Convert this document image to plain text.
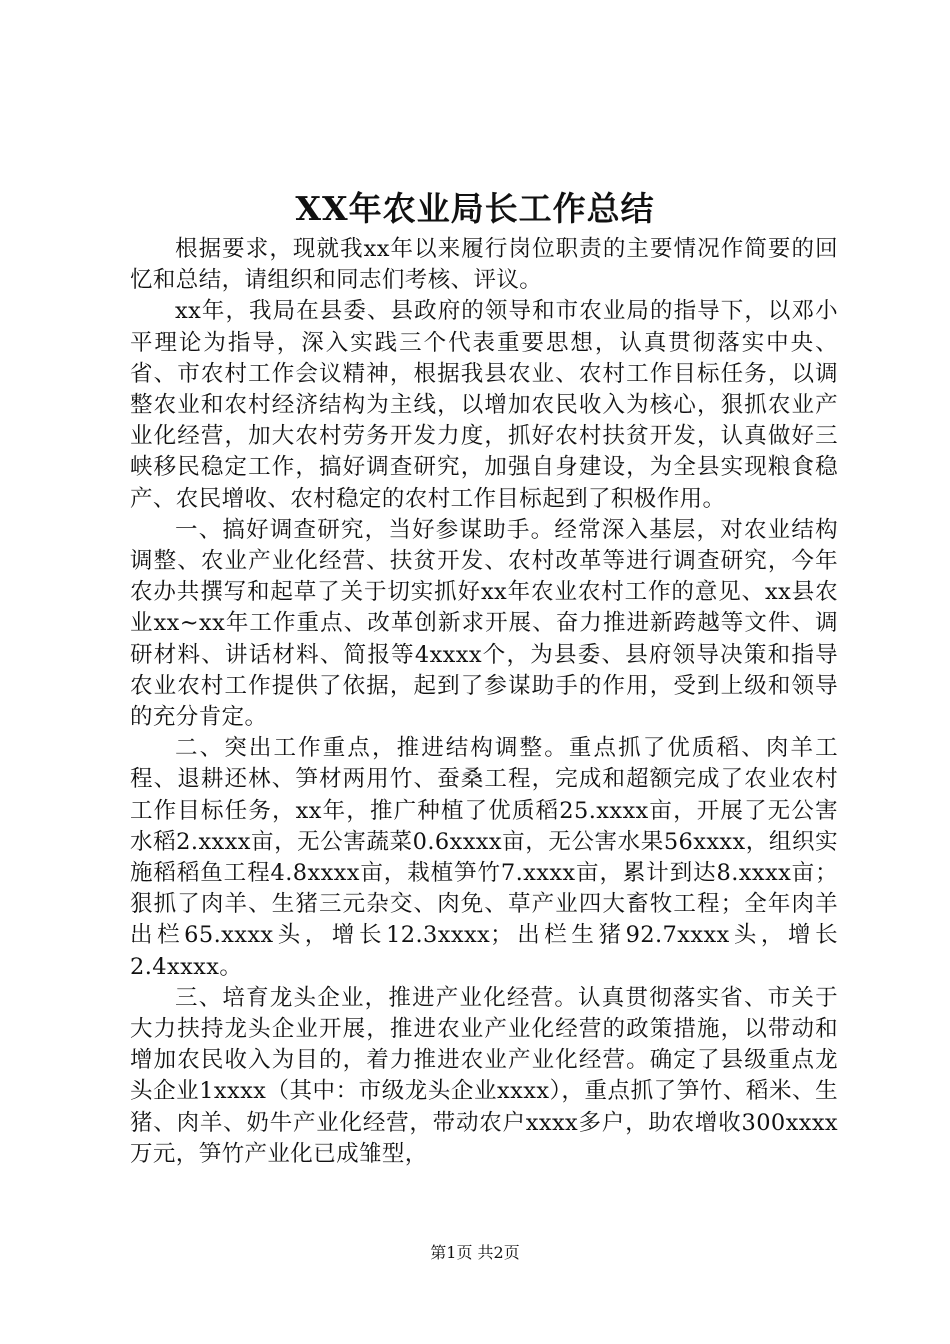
XX年农业局长工作总结

根据要求，现就我xx年以来履行岗位职责的主要情况作简要的回忆和总结，请组织和同志们考核、评议。

xx年，我局在县委、县政府的领导和市农业局的指导下，以邓小平理论为指导，深入实践三个代表重要思想，认真贯彻落实中央、省、市农村工作会议精神，根据我县农业、农村工作目标任务，以调整农业和农村经济结构为主线，以增加农民收入为核心，狠抓农业产业化经营，加大农村劳务开发力度，抓好农村扶贫开发，认真做好三峡移民稳定工作，搞好调查研究，加强自身建设，为全县实现粮食稳产、农民增收、农村稳定的农村工作目标起到了积极作用。

一、搞好调查研究，当好参谋助手。经常深入基层，对农业结构调整、农业产业化经营、扶贫开发、农村改革等进行调查研究，今年农办共撰写和起草了关于切实抓好xx年农业农村工作的意见、xx县农业xx~xx年工作重点、改革创新求开展、奋力推进新跨越等文件、调研材料、讲话材料、简报等4xxxx个，为县委、县府领导决策和指导农业农村工作提供了依据，起到了参谋助手的作用，受到上级和领导的充分肯定。

二、突出工作重点，推进结构调整。重点抓了优质稻、肉羊工程、退耕还林、笋材两用竹、蚕桑工程，完成和超额完成了农业农村工作目标任务，xx年，推广种植了优质稻25.xxxx亩，开展了无公害水稻2.xxxx亩，无公害蔬菜0.6xxxx亩，无公害水果56xxxx，组织实施稻稻鱼工程4.8xxxx亩，栽植笋竹7.xxxx亩，累计到达8.xxxx亩；狠抓了肉羊、生猪三元杂交、肉免、草产业四大畜牧工程；全年肉羊出栏65.xxxx头，增长12.3xxxx；出栏生猪92.7xxxx头，增长2.4xxxx。

三、培育龙头企业，推进产业化经营。认真贯彻落实省、市关于大力扶持龙头企业开展，推进农业产业化经营的政策措施，以带动和增加农民收入为目的，着力推进农业产业化经营。确定了县级重点龙头企业1xxxx（其中：市级龙头企业xxxx），重点抓了笋竹、稻米、生猪、肉羊、奶牛产业化经营，带动农户xxxx多户，助农增收300xxxx万元，笋竹产业化已成雏型，

第1页 共2页
